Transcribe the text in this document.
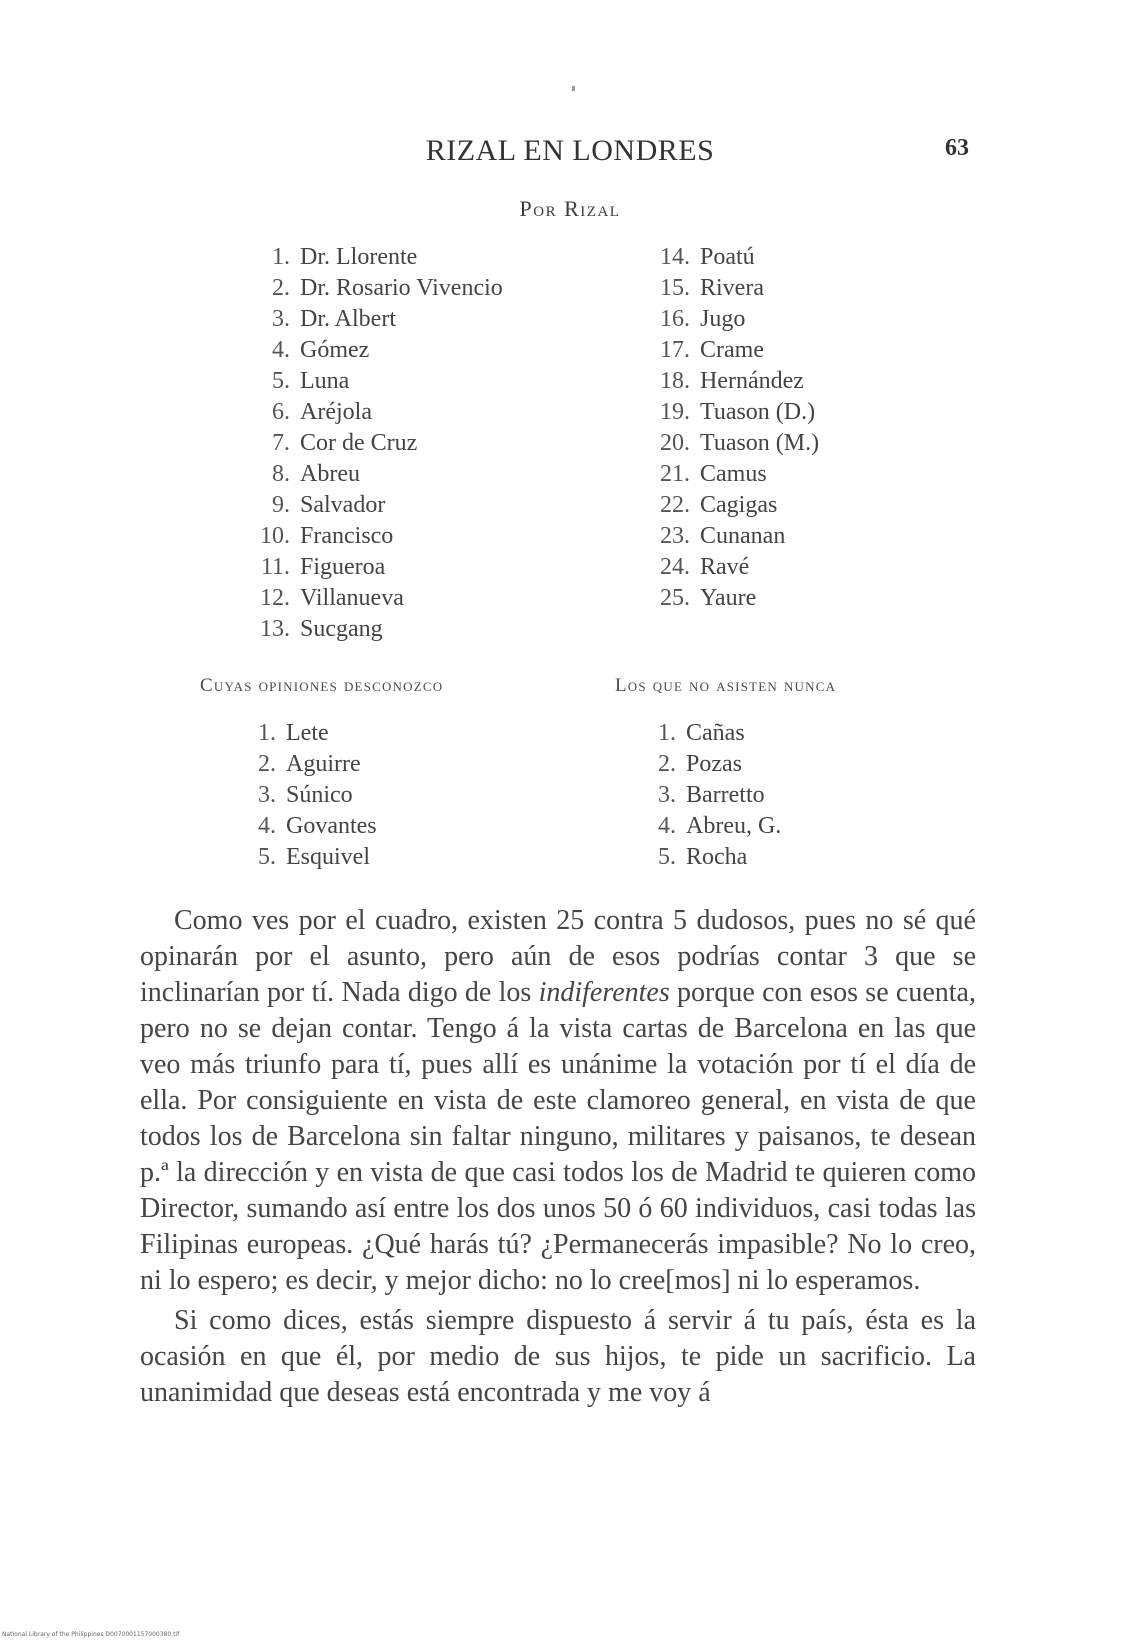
RIZAL EN LONDRES	63
Por Rizal
1. Dr. Llorente
2. Dr. Rosario Vivencio
3. Dr. Albert
4. Gómez
5. Luna
6. Aréjola
7. Cor de Cruz
8. Abreu
9. Salvador
10. Francisco
11. Figueroa
12. Villanueva
13. Sucgang
14. Poatú
15. Rivera
16. Jugo
17. Crame
18. Hernández
19. Tuason (D.)
20. Tuason (M.)
21. Camus
22. Cagigas
23. Cunanan
24. Ravé
25. Yaure
Cuyas opiniones desconozco	Los que no asisten nunca
1. Lete
2. Aguirre
3. Súnico
4. Govantes
5. Esquivel
1. Cañas
2. Pozas
3. Barretto
4. Abreu, G.
5. Rocha

Como ves por el cuadro, existen 25 contra 5 dudosos, pues no sé qué opinarán por el asunto, pero aún de esos podrías contar 3 que se inclinarían por tí. Nada digo de los indiferentes porque con esos se cuenta, pero no se dejan contar. Tengo á la vista cartas de Barcelona en las que veo más triunfo para tí, pues allí es unánime la votación por tí el día de ella. Por consiguiente en vista de este clamoreo general, en vista de que todos los de Barcelona sin faltar ninguno, militares y paisanos, te desean p.ª la dirección y en vista de que casi todos los de Madrid te quieren como Director, sumando así entre los dos unos 50 ó 60 individuos, casi todas las Filipinas europeas. ¿Qué harás tú? ¿Permanecerás impasible? No lo creo, ni lo espero; es decir, y mejor dicho: no lo cree[mos] ni lo esperamos.

Si como dices, estás siempre dispuesto á servir á tu país, ésta es la ocasión en que él, por medio de sus hijos, te pide un sacrificio. La unanimidad que deseas está encontrada y me voy á

National Library of the Philippines D0070001157000380.tif
